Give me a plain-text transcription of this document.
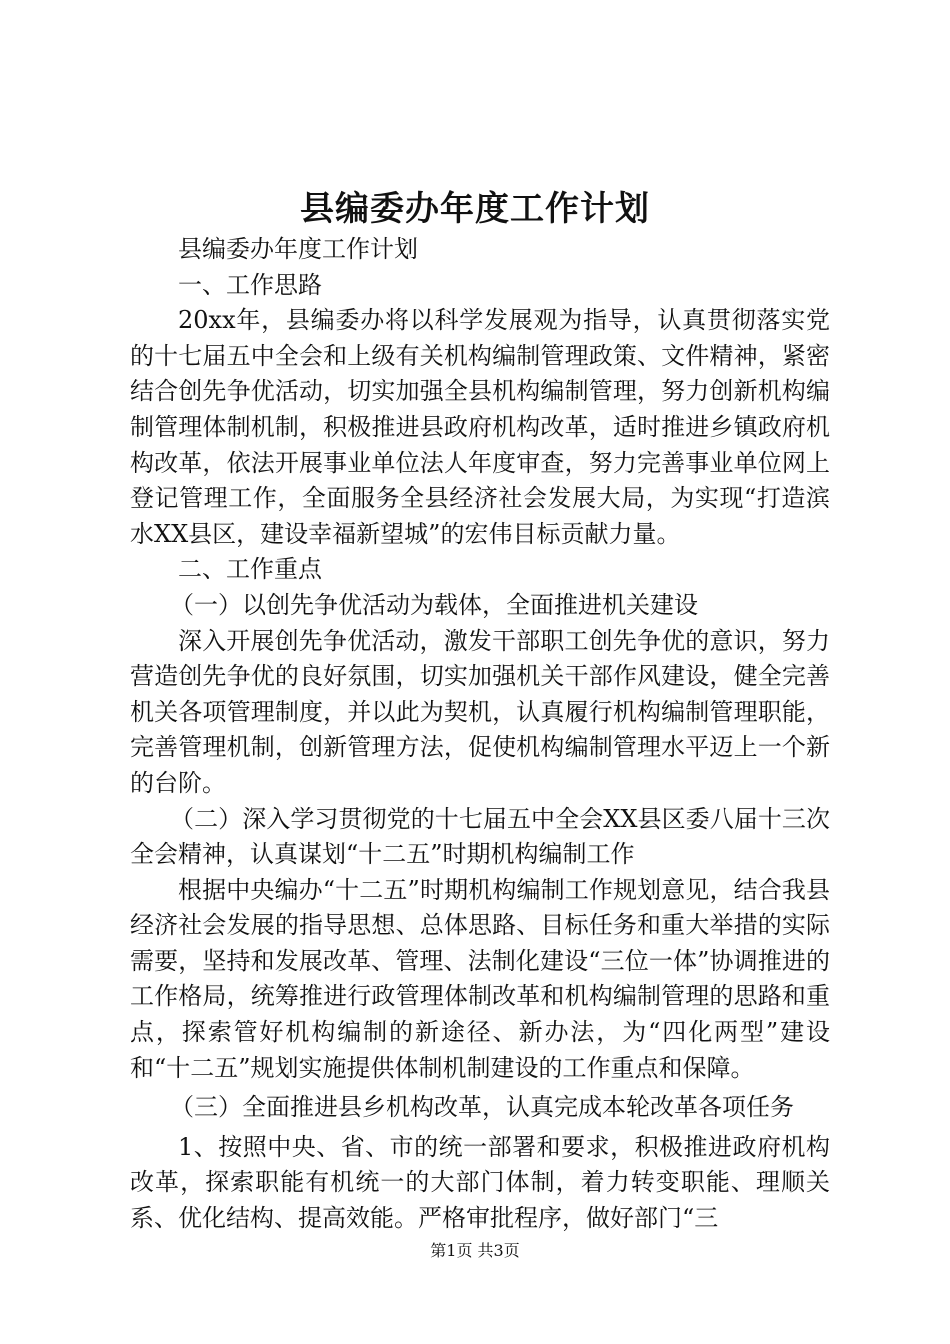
县编委办年度工作计划

县编委办年度工作计划

一、工作思路

20xx年，县编委办将以科学发展观为指导，认真贯彻落实党的十七届五中全会和上级有关机构编制管理政策、文件精神，紧密结合创先争优活动，切实加强全县机构编制管理，努力创新机构编制管理体制机制，积极推进县政府机构改革，适时推进乡镇政府机构改革，依法开展事业单位法人年度审查，努力完善事业单位网上登记管理工作，全面服务全县经济社会发展大局，为实现“打造滨水XX县区，建设幸福新望城”的宏伟目标贡献力量。

二、工作重点

（一）以创先争优活动为载体，全面推进机关建设

深入开展创先争优活动，激发干部职工创先争优的意识，努力营造创先争优的良好氛围，切实加强机关干部作风建设，健全完善机关各项管理制度，并以此为契机，认真履行机构编制管理职能，完善管理机制，创新管理方法，促使机构编制管理水平迈上一个新的台阶。

（二）深入学习贯彻党的十七届五中全会XX县区委八届十三次全会精神，认真谋划“十二五”时期机构编制工作

根据中央编办“十二五”时期机构编制工作规划意见，结合我县经济社会发展的指导思想、总体思路、目标任务和重大举措的实际需要，坚持和发展改革、管理、法制化建设“三位一体”协调推进的工作格局，统筹推进行政管理体制改革和机构编制管理的思路和重点，探索管好机构编制的新途径、新办法，为“四化两型”建设和“十二五”规划实施提供体制机制建设的工作重点和保障。

（三）全面推进县乡机构改革，认真完成本轮改革各项任务

1、按照中央、省、市的统一部署和要求，积极推进政府机构改革，探索职能有机统一的大部门体制，着力转变职能、理顺关系、优化结构、提高效能。严格审批程序，做好部门“三

第1页 共3页
